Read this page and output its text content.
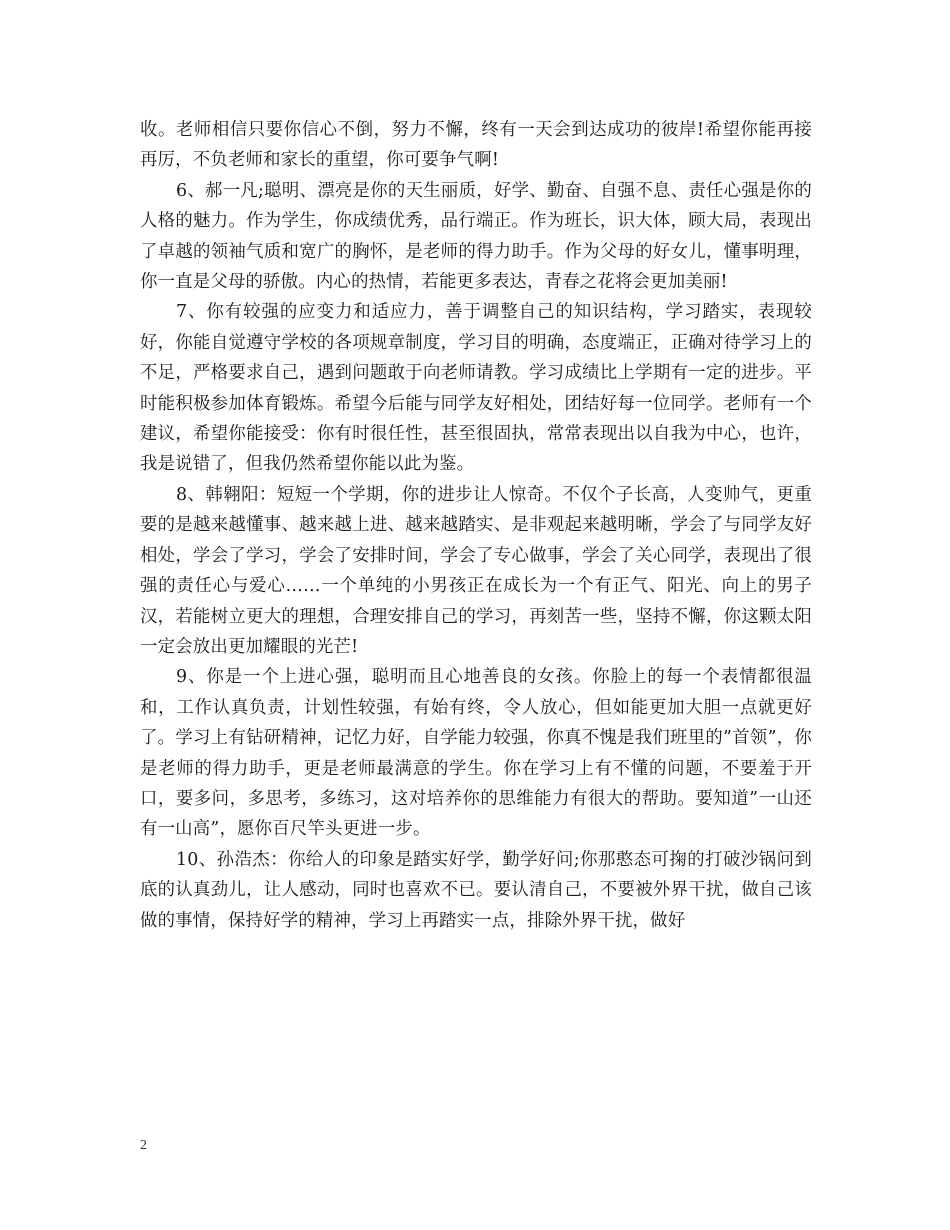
收。老师相信只要你信心不倒，努力不懈，终有一天会到达成功的彼岸!希望你能再接再厉，不负老师和家长的重望，你可要争气啊!

6、郝一凡;聪明、漂亮是你的天生丽质，好学、勤奋、自强不息、责任心强是你的人格的魅力。作为学生，你成绩优秀，品行端正。作为班长，识大体，顾大局，表现出了卓越的领袖气质和宽广的胸怀，是老师的得力助手。作为父母的好女儿，懂事明理，你一直是父母的骄傲。内心的热情，若能更多表达，青春之花将会更加美丽!

7、你有较强的应变力和适应力，善于调整自己的知识结构，学习踏实，表现较好，你能自觉遵守学校的各项规章制度，学习目的明确，态度端正，正确对待学习上的不足，严格要求自己，遇到问题敢于向老师请教。学习成绩比上学期有一定的进步。平时能积极参加体育锻炼。希望今后能与同学友好相处，团结好每一位同学。老师有一个建议，希望你能接受：你有时很任性，甚至很固执，常常表现出以自我为中心，也许，我是说错了，但我仍然希望你能以此为鉴。

8、韩翱阳：短短一个学期，你的进步让人惊奇。不仅个子长高，人变帅气，更重要的是越来越懂事、越来越上进、越来越踏实、是非观起来越明晰，学会了与同学友好相处，学会了学习，学会了安排时间，学会了专心做事，学会了关心同学，表现出了很强的责任心与爱心……一个单纯的小男孩正在成长为一个有正气、阳光、向上的男子汉，若能树立更大的理想，合理安排自己的学习，再刻苦一些，坚持不懈，你这颗太阳一定会放出更加耀眼的光芒!

9、你是一个上进心强，聪明而且心地善良的女孩。你脸上的每一个表情都很温和，工作认真负责，计划性较强，有始有终，令人放心，但如能更加大胆一点就更好了。学习上有钻研精神，记忆力好，自学能力较强，你真不愧是我们班里的”首领”，你是老师的得力助手，更是老师最满意的学生。你在学习上有不懂的问题，不要羞于开口，要多问，多思考，多练习，这对培养你的思维能力有很大的帮助。要知道”一山还有一山高”，愿你百尺竿头更进一步。

10、孙浩杰：你给人的印象是踏实好学，勤学好问;你那憨态可掬的打破沙锅问到底的认真劲儿，让人感动，同时也喜欢不已。要认清自己，不要被外界干扰，做自己该做的事情，保持好学的精神，学习上再踏实一点，排除外界干扰，做好

2
